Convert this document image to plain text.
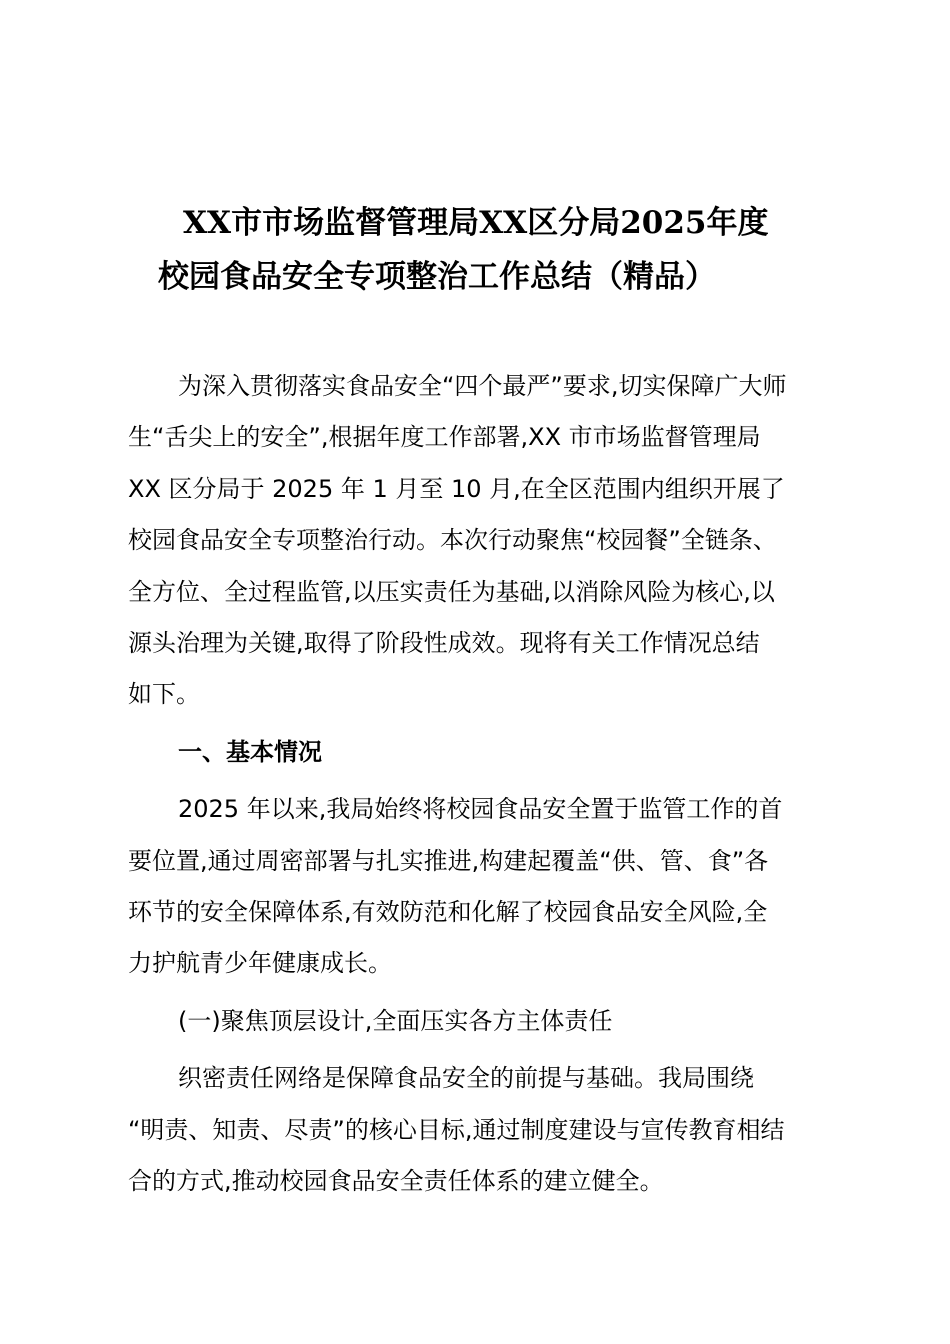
XX市市场监督管理局XX区分局2025年度
校园食品安全专项整治工作总结（精品）
为深入贯彻落实食品安全“四个最严”要求,切实保障广大师
生“舌尖上的安全”,根据年度工作部署,XX 市市场监督管理局
XX 区分局于 2025 年 1 月至 10 月,在全区范围内组织开展了
校园食品安全专项整治行动。本次行动聚焦“校园餐”全链条、
全方位、全过程监管,以压实责任为基础,以消除风险为核心,以
源头治理为关键,取得了阶段性成效。现将有关工作情况总结
如下。
一、基本情况
2025 年以来,我局始终将校园食品安全置于监管工作的首
要位置,通过周密部署与扎实推进,构建起覆盖“供、管、食”各
环节的安全保障体系,有效防范和化解了校园食品安全风险,全
力护航青少年健康成长。
(一)聚焦顶层设计,全面压实各方主体责任
织密责任网络是保障食品安全的前提与基础。我局围绕
“明责、知责、尽责”的核心目标,通过制度建设与宣传教育相结
合的方式,推动校园食品安全责任体系的建立健全。
